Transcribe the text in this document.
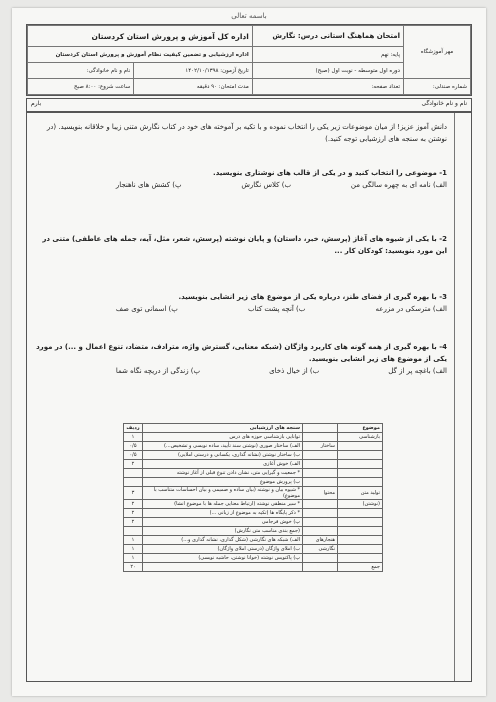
باسمه تعالی
اداره کل آموزش و پرورش استان کردستان		امتحان هماهنگ استانی درس: نگارش	مهر آموزشگاه
اداره ارزشیابی و تضمین کیفیت نظام آموزش و پرورش استان کردستان		پایه: نهم	
نام و نام خانوادگی:	تاریخ آزمون: ۱۴۰۲/۱۰/۱۳۹۸	دوره اول متوسطه - نوبت اول (صبح)	
ساعت شروع: ۸:۰۰ صبح	مدت امتحان: ۹۰ دقیقه	تعداد صفحه:	شماره صندلی:
نام و نام خانوادگی
بارم
دانش آموز عزیز! از میان موضوعات زیر یکی را انتخاب نموده و با تکیه بر آموخته های خود در کتاب نگارش متنی زیبا و خلاقانه بنویسید. (در نوشتن به سنجه های ارزشیابی توجه کنید.)
1- موضوعی را انتخاب کنید و در یکی از قالب های نوشتاری بنویسید.
الف) نامه ای به چهره سالگی من
ب) کلاس نگارش
پ) کشش های ناهنجار
2- با یکی از شیوه های آغاز (پرسش، خبر، داستان) و پایان نوشته (پرسش، شعر، مثل، آیه، جمله های عاطفی) متنی در این مورد بنویسید: کودکان کار ...
3- با بهره گیری از فضای طنز، درباره یکی از موضوع های زیر انشایی بنویسید.
الف) مترسکی در مزرعه
ب) آنچه پشت کتاب
پ) اسمانی توی صف
4- با بهره گیری از همه گونه های کاربرد واژگان (شبکه معنایی، گسترش واژه، مترادف، متضاد، تنوع اعمال و ...) در مورد یکی از موضوع های زیر انشایی بنویسید.
الف) باغچه پر از گل
ب) از خیال ذخای
پ) زندگی از دریچه نگاه شما
موضوع		سنجه های ارزشیابی	ردیف
بازشناسی		توانایی بازشناسی حوزه های درس	۱
	ساختار	الف) ساختار صوری (نوشتن سند تأیید، ساده نویسی و تشخیص...)	۰/۵
		ب) ساختار نوشتن (نشانه گذاری، یکسانی و درستی املایی)	۰/۵
		الف) خوش آغازی	۲
		* جمعیت و گیرایی متن، نشان دادن تنوع قبلی از آغاز نوشته	
		ب) پرورش موضوع	
تولید متن	محتوا	* شیوه بیان و نوشته (بیان ساده و صمیمی و بیان احساسات متناسب با موضوع)	۳
(نوشتن)		* سیر منطقی نوشته (ارتباط معنایی جمله ها با موضوع انشا)	۲
		* ذکر پایگاه ها (تکیه به موضوع از زبانی ...)	۲
		پ) خوش فرجامی	۲
		(جمع بندی مناسب متن نگارش)	
	هنجارهای	الف) شبکه های نگارشی (شکل گذاری، نشانه گذاری و...)	۱
	نگارشی	ب) املای واژگان (درستی املای واژگان)	۱
		پ) پاکنویس نوشته (خوانا نوشتن، حاشیه نویسی)	۱
جمع			۲۰
